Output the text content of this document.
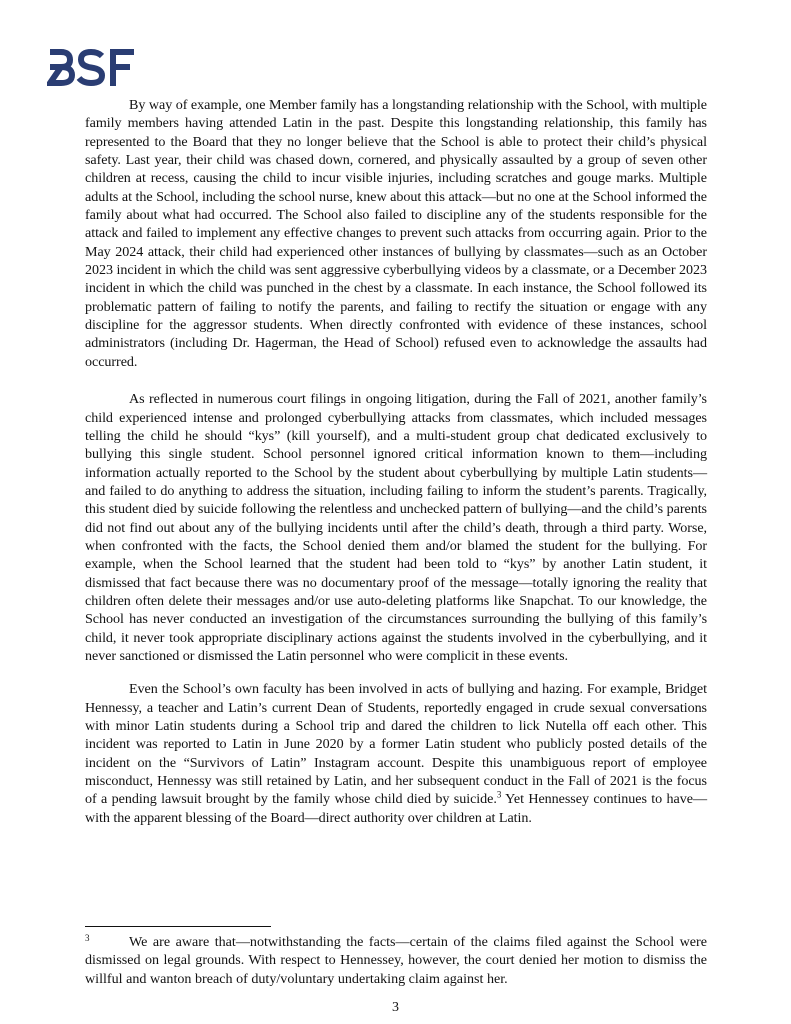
By way of example, one Member family has a longstanding relationship with the School, with multiple family members having attended Latin in the past. Despite this longstanding relationship, this family has represented to the Board that they no longer believe that the School is able to protect their child’s physical safety. Last year, their child was chased down, cornered, and physically assaulted by a group of seven other children at recess, causing the child to incur visible injuries, including scratches and gouge marks. Multiple adults at the School, including the school nurse, knew about this attack—but no one at the School informed the family about what had occurred. The School also failed to discipline any of the students responsible for the attack and failed to implement any effective changes to prevent such attacks from occurring again. Prior to the May 2024 attack, their child had experienced other instances of bullying by classmates—such as an October 2023 incident in which the child was sent aggressive cyberbullying videos by a classmate, or a December 2023 incident in which the child was punched in the chest by a classmate. In each instance, the School followed its problematic pattern of failing to notify the parents, and failing to rectify the situation or engage with any discipline for the aggressor students. When directly confronted with evidence of these instances, school administrators (including Dr. Hagerman, the Head of School) refused even to acknowledge the assaults had occurred.

As reflected in numerous court filings in ongoing litigation, during the Fall of 2021, another family’s child experienced intense and prolonged cyberbullying attacks from classmates, which included messages telling the child he should “kys” (kill yourself), and a multi-student group chat dedicated exclusively to bullying this single student. School personnel ignored critical information known to them—including information actually reported to the School by the student about cyberbullying by multiple Latin students—and failed to do anything to address the situation, including failing to inform the student’s parents. Tragically, this student died by suicide following the relentless and unchecked pattern of bullying—and the child’s parents did not find out about any of the bullying incidents until after the child’s death, through a third party. Worse, when confronted with the facts, the School denied them and/or blamed the student for the bullying. For example, when the School learned that the student had been told to “kys” by another Latin student, it dismissed that fact because there was no documentary proof of the message—totally ignoring the reality that children often delete their messages and/or use auto-deleting platforms like Snapchat. To our knowledge, the School has never conducted an investigation of the circumstances surrounding the bullying of this family’s child, it never took appropriate disciplinary actions against the students involved in the cyberbullying, and it never sanctioned or dismissed the Latin personnel who were complicit in these events.

Even the School’s own faculty has been involved in acts of bullying and hazing. For example, Bridget Hennessy, a teacher and Latin’s current Dean of Students, reportedly engaged in crude sexual conversations with minor Latin students during a School trip and dared the children to lick Nutella off each other. This incident was reported to Latin in June 2020 by a former Latin student who publicly posted details of the incident on the “Survivors of Latin” Instagram account. Despite this unambiguous report of employee misconduct, Hennessy was still retained by Latin, and her subsequent conduct in the Fall of 2021 is the focus of a pending lawsuit brought by the family whose child died by suicide.$^3$ Yet Hennessey continues to have—with the apparent blessing of the Board—direct authority over children at Latin.

3	We are aware that—notwithstanding the facts—certain of the claims filed against the School were dismissed on legal grounds. With respect to Hennessey, however, the court denied her motion to dismiss the willful and wanton breach of duty/voluntary undertaking claim against her.

3
